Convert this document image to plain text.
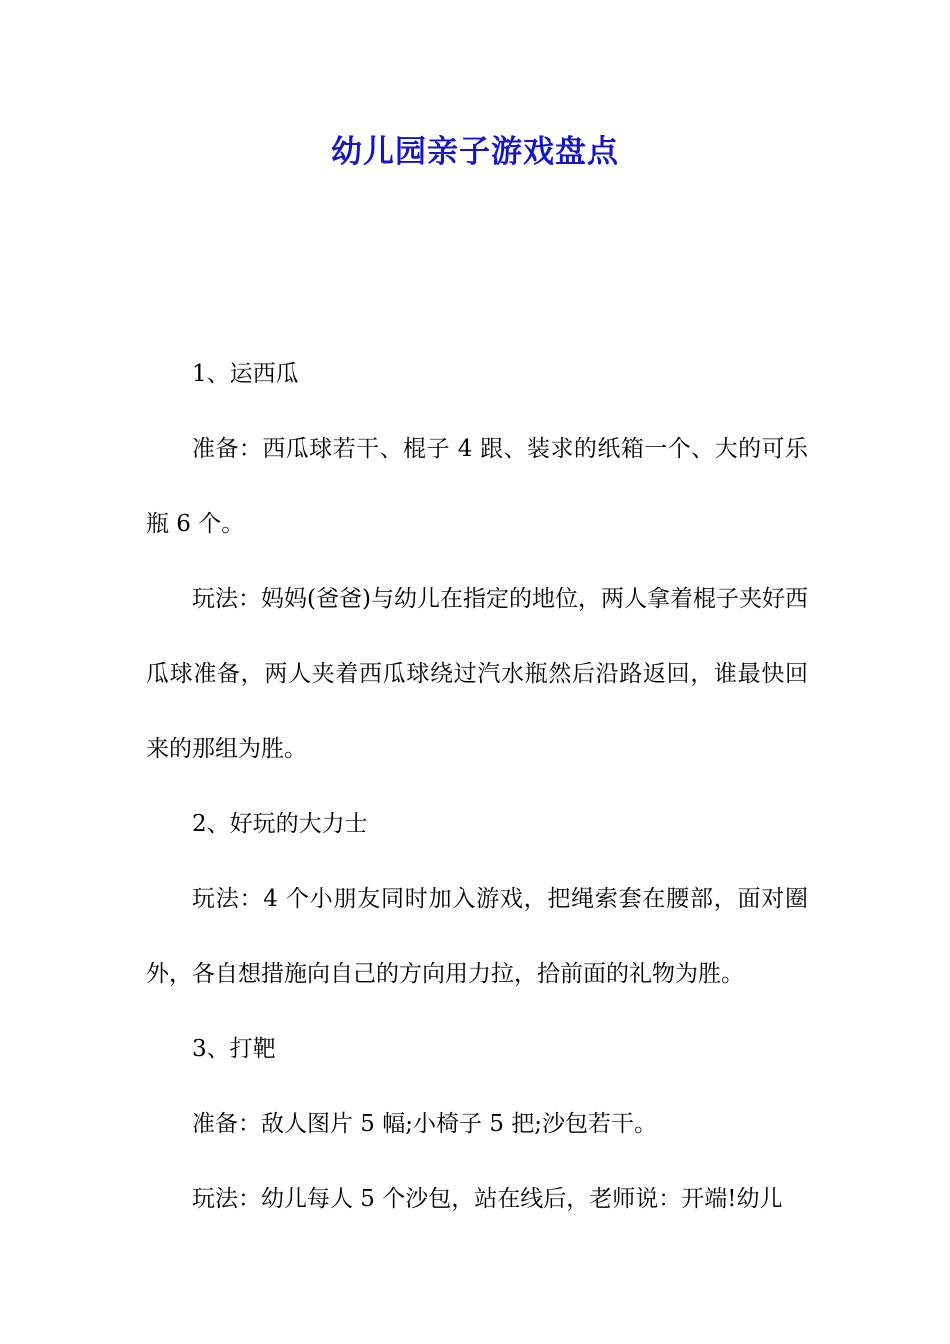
幼儿园亲子游戏盘点

1、运西瓜

准备：西瓜球若干、棍子 4 跟、装求的纸箱一个、大的可乐瓶 6 个。

玩法：妈妈(爸爸)与幼儿在指定的地位，两人拿着棍子夹好西瓜球准备，两人夹着西瓜球绕过汽水瓶然后沿路返回，谁最快回来的那组为胜。

2、好玩的大力士

玩法：4 个小朋友同时加入游戏，把绳索套在腰部，面对圈外，各自想措施向自己的方向用力拉，拾前面的礼物为胜。

3、打靶

准备：敌人图片 5 幅;小椅子 5 把;沙包若干。

玩法：幼儿每人 5 个沙包，站在线后，老师说：开端!幼儿
